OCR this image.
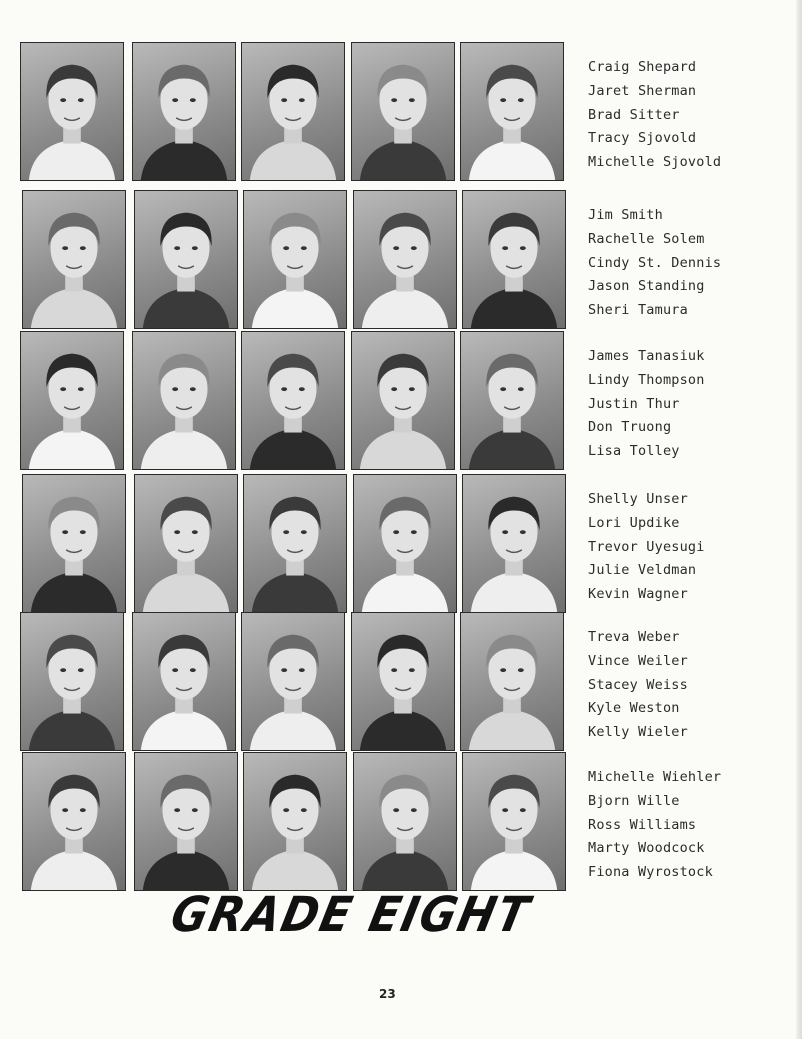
Craig Shepard
Jaret Sherman
Brad Sitter
Tracy Sjovold
Michelle Sjovold
Jim Smith
Rachelle Solem
Cindy St. Dennis
Jason Standing
Sheri Tamura
James Tanasiuk
Lindy Thompson
Justin Thur
Don Truong
Lisa Tolley
Shelly Unser
Lori Updike
Trevor Uyesugi
Julie Veldman
Kevin Wagner
Treva Weber
Vince Weiler
Stacey Weiss
Kyle Weston
Kelly Wieler
Michelle Wiehler
Bjorn Wille
Ross Williams
Marty Woodcock
Fiona Wyrostock
GRADE EIGHT
23
